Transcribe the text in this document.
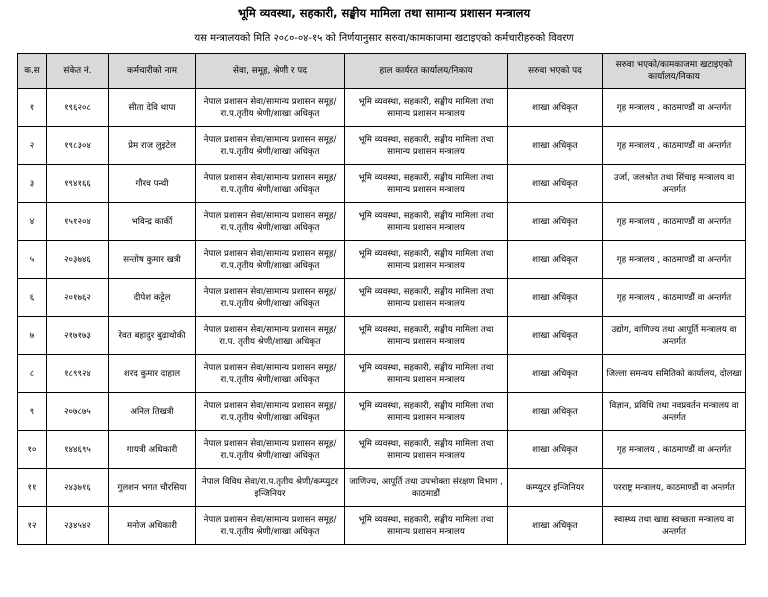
भूमि व्यवस्था, सहकारी, सङ्घीय मामिला तथा सामान्य प्रशासन मन्त्रालय
यस मन्त्रालयको मिति २०८०-०४-१५ को निर्णयानुसार सरुवा/कामकाजमा खटाइएको कर्मचारीहरुको विवरण
क.स	संकेत नं.	कर्मचारीको नाम	सेवा, समूह, श्रेणी र पद	हाल कार्यरत कार्यालय/निकाय	सरुवा भएको पद	सरुवा भएको/कामकाजमा खटाइएको कार्यालय/निकाय
१	१९६२०८	सीता देवि थापा	नेपाल प्रशासन सेवा/सामान्य प्रशासन समूह/रा.प.तृतीय श्रेणी/शाखा अधिकृत	भूमि व्यवस्था, सहकारी, सङ्घीय मामिला तथा सामान्य प्रशासन मन्त्रालय	शाखा अधिकृत	गृह मन्त्रालय , काठमाण्डौं वा अन्तर्गत
२	१९८३०४	प्रेम राज लुइटेल	नेपाल प्रशासन सेवा/सामान्य प्रशासन समूह/रा.प.तृतीय श्रेणी/शाखा अधिकृत	भूमि व्यवस्था, सहकारी, सङ्घीय मामिला तथा सामान्य प्रशासन मन्त्रालय	शाखा अधिकृत	गृह मन्त्रालय , काठमाण्डौं वा अन्तर्गत
३	१९४१६६	गौरव पन्थी	नेपाल प्रशासन सेवा/सामान्य प्रशासन समूह/रा.प.तृतीय श्रेणी/शाखा अधिकृत	भूमि व्यवस्था, सहकारी, सङ्घीय मामिला तथा सामान्य प्रशासन मन्त्रालय	शाखा अधिकृत	उर्जा, जलश्रोत तथा सिंचाइ मन्त्रालय वा अन्तर्गत
४	१५१२०४	भविन्द्र कार्की	नेपाल प्रशासन सेवा/सामान्य प्रशासन समूह/रा.प.तृतीय श्रेणी/शाखा अधिकृत	भूमि व्यवस्था, सहकारी, सङ्घीय मामिला तथा सामान्य प्रशासन मन्त्रालय	शाखा अधिकृत	गृह मन्त्रालय , काठमाण्डौं वा अन्तर्गत
५	२०३७४६	सन्तोष कुमार खत्री	नेपाल प्रशासन सेवा/सामान्य प्रशासन समूह/रा.प.तृतीय श्रेणी/शाखा अधिकृत	भूमि व्यवस्था, सहकारी, सङ्घीय मामिला तथा सामान्य प्रशासन मन्त्रालय	शाखा अधिकृत	गृह मन्त्रालय , काठमाण्डौं वा अन्तर्गत
६	२०१७६२	दीपेश कट्टेल	नेपाल प्रशासन सेवा/सामान्य प्रशासन समूह/रा.प.तृतीय श्रेणी/शाखा अधिकृत	भूमि व्यवस्था, सहकारी, सङ्घीय मामिला तथा सामान्य प्रशासन मन्त्रालय	शाखा अधिकृत	गृह मन्त्रालय , काठमाण्डौं वा अन्तर्गत
७	२१७१७३	रेवत बहादुर बुढाथोकी	नेपाल प्रशासन सेवा/सामान्य प्रशासन समूह/रा.प. तृतीय श्रेणी/शाखा अधिकृत	भूमि व्यवस्था, सहकारी, सङ्घीय मामिला तथा सामान्य प्रशासन मन्त्रालय	शाखा अधिकृत	उद्योग, वाणिज्य तथा आपूर्ति मन्त्रालय वा अन्तर्गत
८	१८९९२४	शरद कुमार दाहाल	नेपाल प्रशासन सेवा/सामान्य प्रशासन समूह/रा.प.तृतीय श्रेणी/शाखा अधिकृत	भूमि व्यवस्था, सहकारी, सङ्घीय मामिला तथा सामान्य प्रशासन मन्त्रालय	शाखा अधिकृत	जिल्ला समन्वय समितिको कार्यालय, दोलखा
९	२०७८७५	अनिल तिखत्री	नेपाल प्रशासन सेवा/सामान्य प्रशासन समूह/रा.प.तृतीय श्रेणी/शाखा अधिकृत	भूमि व्यवस्था, सहकारी, सङ्घीय मामिला तथा सामान्य प्रशासन मन्त्रालय	शाखा अधिकृत	विज्ञान, प्रविधि तथा नवप्रवर्तन मन्त्रालय वा अन्तर्गत
१०	१४४६९५	गायत्री अधिकारी	नेपाल प्रशासन सेवा/सामान्य प्रशासन समूह/रा.प.तृतीय श्रेणी/शाखा अधिकृत	भूमि व्यवस्था, सहकारी, सङ्घीय मामिला तथा सामान्य प्रशासन मन्त्रालय	शाखा अधिकृत	गृह मन्त्रालय , काठमाण्डौं वा अन्तर्गत
११	२४३७१६	गुलशन भगत चौरसिया	नेपाल विविध सेवा/रा.प.तृतीय श्रेणी/कम्प्युटर इन्जिनियर	जाणिज्य, आपूर्ति तथा उपभोक्ता संरक्षण विभाग , काठमाडौं	कम्प्युटर इन्जिनियर	परराष्ट्र मन्त्रालय, काठमाण्डौं वा अन्तर्गत
१२	२३४५४२	मनोज अधिकारी	नेपाल प्रशासन सेवा/सामान्य प्रशासन समूह/रा.प.तृतीय श्रेणी/शाखा अधिकृत	भूमि व्यवस्था, सहकारी, सङ्घीय मामिला तथा सामान्य प्रशासन मन्त्रालय	शाखा अधिकृत	स्वास्थ्य तथा खाद्य स्वच्छता मन्त्रालय वा अन्तर्गत
